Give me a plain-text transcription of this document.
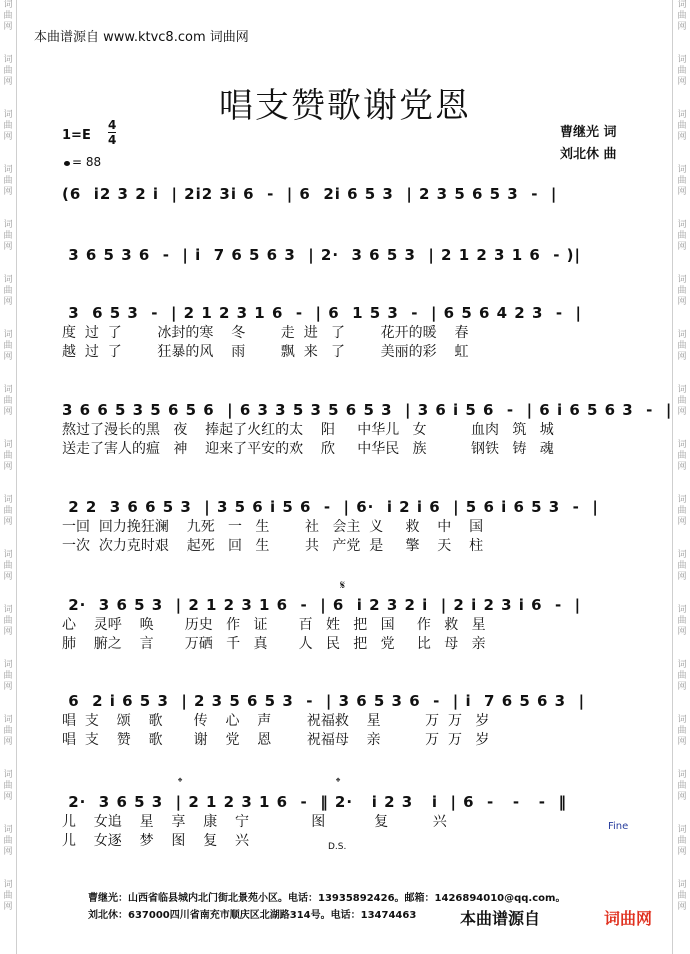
词
曲
网
词
曲
网
词
曲
网
词
曲
网
词
曲
网
词
曲
网
词
曲
网
词
曲
网
词
曲
网
词
曲
网
词
曲
网
词
曲
网
词
曲
网
词
曲
网
词
曲
网
词
曲
网
词
曲
网
词
曲
网
词
曲
网
词
曲
网
词
曲
网
词
曲
网
词
曲
网
词
曲
网
词
曲
网
词
曲
网
词
曲
网
词
曲
网
词
曲
网
词
曲
网
词
曲
网
词
曲
网
词
曲
网
词
曲
网
本曲谱源自 www.ktvc8.com 词曲网
唱支赞歌谢党恩
1=E
4
4
= 88
曹继光 词
刘北休 曲
(6  i2 3 2 i  | 2i2 3i 6  -  | 6  2i 6 5 3  | 2 3 5 6 5 3  -  |
3 6 5 3 6  -  | i  7 6 5 6 3  | 2·  3 6 5 3  | 2 1 2 3 1 6  - )|
3  6 5 3  -  | 2 1 2 3 1 6  -  | 6  1 5 3  -  | 6 5 6 4 2 3  -  |
度  过  了        冰封的寒    冬        走  进   了        花开的暖    春
越  过  了        狂暴的风    雨        飘  来   了        美丽的彩    虹
3 6 6 5 3 5 6 5 6  | 6 3 3 5 3 5 6 5 3  | 3 6 i 5 6  -  | 6 i 6 5 6 3  -  |
熬过了漫长的黑   夜    捧起了火红的太    阳     中华儿   女          血肉   筑   城
送走了害人的瘟   神    迎来了平安的欢    欣     中华民   族          钢铁   铸   魂
2 2  3 6 6 5 3  | 3 5 6 i 5 6  -  | 6·  i 2 i 6  | 5 6 i 6 5 3  -  |
一回  回力挽狂澜    九死   一   生        社   会主  义     救    中    国
一次  次力克时艰    起死   回   生        共   产党  是     擎    天    柱
𝄋
2·  3 6 5 3  | 2 1 2 3 1 6  -  | 6  i 2 3 2 i  | 2 i 2 3 i 6  -  |
心    灵呼    唤       历史   作   证       百   姓   把   国     作   救   星
肺    腑之    言       万硒   千   真       人   民   把   党     比   母   亲
6  2 i 6 5 3  | 2 3 5 6 5 3  -  | 3 6 5 3 6  -  | i  7 6 5 6 3  |
唱  支    颂    歌       传    心    声        祝福救    星          万  万   岁
唱  支    赞    歌       谢    党    恩        祝福母    亲          万  万   岁
𝄌	𝄌
2·  3 6 5 3  | 2 1 2 3 1 6  -  ‖ 2·   i 2 3   i  | 6  -   -   -  ‖
儿    女追    星    享    康    宁              图           复          兴
儿    女逐    梦    图    复    兴
Fine
D.S.
曹继光：山西省临县城内北门街北景苑小区。电话：13935892426。邮箱：1426894010@qq.com。
刘北休：637000四川省南充市顺庆区北湖路314号。电话：13474463	本曲谱源自	词曲网
